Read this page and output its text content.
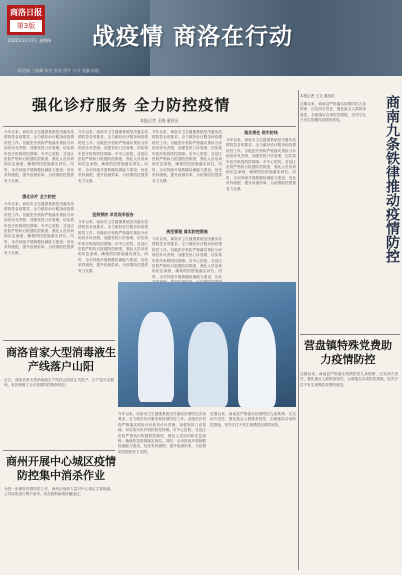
商洛日报
第3版
2022年3月17日 星期四 战疫情 商洛在行动
一版责编 王晓峰 校对 张亮 照片 小马 美编 何超
强化诊疗服务 全力防控疫情
本报记者 王晓 通讯员
今年以来，商洛市卫生健康系统坚决落实疫情防控各项要求，全力做好诊疗服务和疫情防控工作。各级医疗机构严格落实预检分诊和首诊负责制，加强发热门诊管理，切实筑牢医疗机构防控屏障。市中心医院、各县区医院严格执行院感防控制度，强化人员培训和应急演练，确保防控措施落实到位。同时，全市持续开展核酸检测能力建设，优化采样流程，提升检测效率，为疫情防控提供有力支撑。
强化诊疗 全力防控
今年以来，商洛市卫生健康系统坚决落实疫情防控各项要求，全力做好诊疗服务和疫情防控工作。各级医疗机构严格落实预检分诊和首诊负责制，加强发热门诊管理，切实筑牢医疗机构防控屏障。市中心医院、各县区医院严格执行院感防控制度，强化人员培训和应急演练，确保防控措施落实到位。同时，全市持续开展核酸检测能力建设，优化采样流程，提升检测效率，为疫情防控提供有力支撑。
今年以来，商洛市卫生健康系统坚决落实疫情防控各项要求，全力做好诊疗服务和疫情防控工作。各级医疗机构严格落实预检分诊和首诊负责制，加强发热门诊管理，切实筑牢医疗机构防控屏障。市中心医院、各县区医院严格执行院感防控制度，强化人员培训和应急演练，确保防控措施落实到位。同时，全市持续开展核酸检测能力建设，优化采样流程，提升检测效率，为疫情防控提供有力支撑。
坚持预防 早发现早报告
今年以来，商洛市卫生健康系统坚决落实疫情防控各项要求，全力做好诊疗服务和疫情防控工作。各级医疗机构严格落实预检分诊和首诊负责制，加强发热门诊管理，切实筑牢医疗机构防控屏障。市中心医院、各县区医院严格执行院感防控制度，强化人员培训和应急演练，确保防控措施落实到位。同时，全市持续开展核酸检测能力建设，优化采样流程，提升检测效率，为疫情防控提供有力支撑。
今年以来，商洛市卫生健康系统坚决落实疫情防控各项要求，全力做好诊疗服务和疫情防控工作。各级医疗机构严格落实预检分诊和首诊负责制，加强发热门诊管理，切实筑牢医疗机构防控屏障。市中心医院、各县区医院严格执行院感防控制度，强化人员培训和应急演练，确保防控措施落实到位。同时，全市持续开展核酸检测能力建设，优化采样流程，提升检测效率，为疫情防控提供有力支撑。
规范管理 落实防控措施
今年以来，商洛市卫生健康系统坚决落实疫情防控各项要求，全力做好诊疗服务和疫情防控工作。各级医疗机构严格落实预检分诊和首诊负责制，加强发热门诊管理，切实筑牢医疗机构防控屏障。市中心医院、各县区医院严格执行院感防控制度，强化人员培训和应急演练，确保防控措施落实到位。同时，全市持续开展核酸检测能力建设，优化
落实责任 筑牢防线
今年以来，商洛市卫生健康系统坚决落实疫情防控各项要求，全力做好诊疗服务和疫情防控工作。各级医疗机构严格落实预检分诊和首诊负责制，加强发热门诊管理，切实筑牢医疗机构防控屏障。市中心医院、各县区医院严格执行院感防控制度，强化人员培训和应急演练，确保防控措施落实到位。同时，全市持续开展核酸检测能力建设，优化采样流程，提升检测效率，为疫情防控提供有力支撑。
本报记者 王文 通讯员	商南九条铁律推动疫情防控
近期以来，商南县严格落实疫情防控九条铁律，压实四方责任，强化重点人群排查管控，全面落实各项防控措施，坚决守住不发生规模性疫情的底线。
营盘镇特殊党费助力疫情防控
近期以来，商南县严格落实疫情防控九条铁律，压实四方责任，强化重点人群排查管控，全面落实各项防控措施，坚决守住不发生规模性疫情的底线。
商洛首家大型消毒液生产线落户山阳
近日，商洛首家大型消毒液生产线在山阳县正式投产，日产量可达数吨，有效保障了全市疫情防控物资供应。
商州开展中心城区疫情防控集中消杀作业
为进一步做好疫情防控工作，商州区组织力量对中心城区主要街道、公共场所进行集中消杀，切实阻断病毒传播途径。
今年以来，商洛市卫生健康系统坚决落实疫情防控各项要求，全力做好诊疗服务和疫情防控工作。各级医疗机构严格落实预检分诊和首诊负责制，加强发热门诊管理，切实筑牢医疗机构防控屏障。市中心医院、各县区医院严格执行院感防控制度，强化人员培训和应急演练，确保防控措施落实到位。同时，全市持续开展核酸检测能力建设，优化采样流程，提升检测效率，为疫情防控提供有力支撑。
近期以来，商南县严格落实疫情防控九条铁律，压实四方责任，强化重点人群排查管控，全面落实各项防控措施，坚决守住不发生规模性疫情的底线。
